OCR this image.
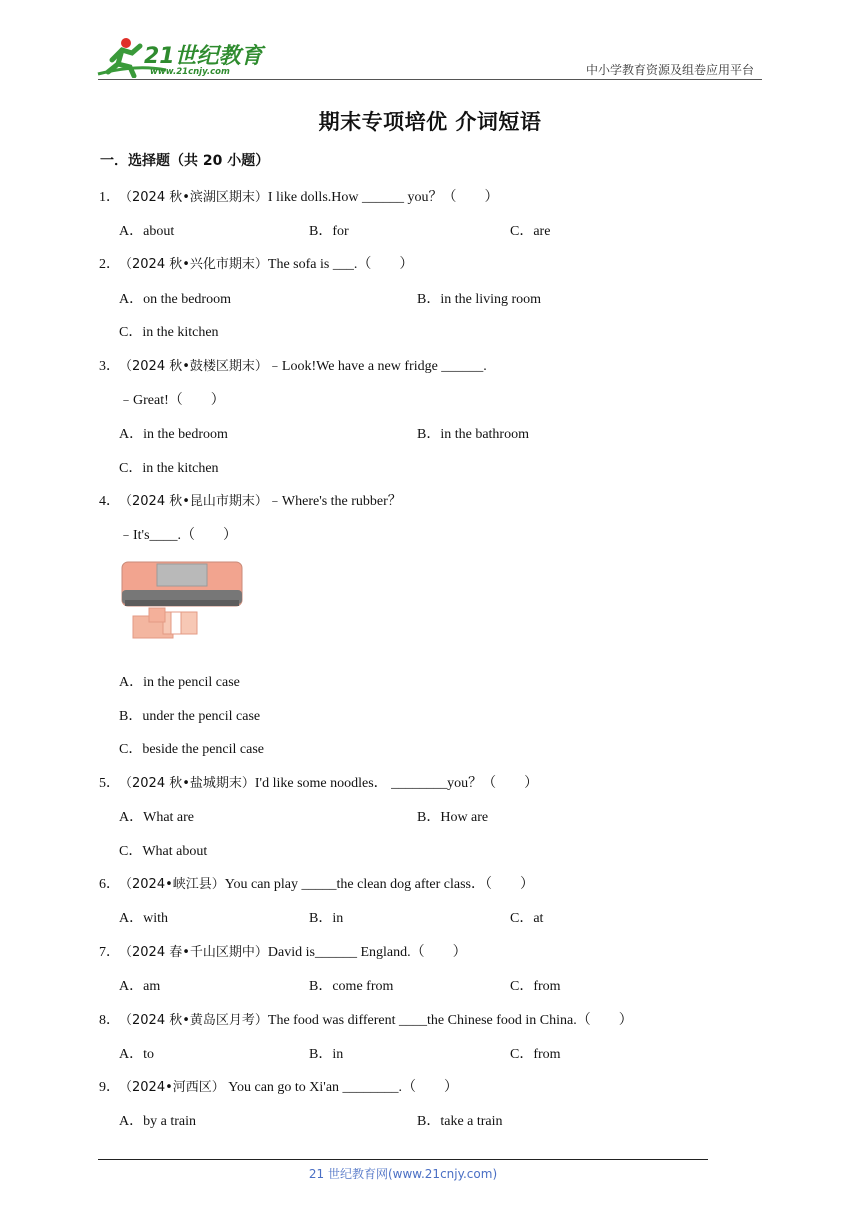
21世纪教育
www.21cnjy.com	中小学教育资源及组卷应用平台
期末专项培优 介词短语
一．选择题（共 20 小题）
1．（2024 秋•滨湖区期末）I like dolls.How ______ you？（　　）
A．about	B．for	C．are
2．（2024 秋•兴化市期末）The sofa is ___.（　　）
A．on the bedroom	B．in the living room
C．in the kitchen
3．（2024 秋•鼓楼区期末）﹣Look!We have a new fridge ______.
﹣Great!（　　）
A．in the bedroom	B．in the bathroom
C．in the kitchen
4．（2024 秋•昆山市期末）﹣Where's the rubber？
﹣It's____.（　　）
A．in the pencil case
B．under the pencil case
C．beside the pencil case
5．（2024 秋•盐城期末）I'd like some noodles． ________you？（　　）
A．What are	B．How are
C．What about
6．（2024•峡江县）You can play _____the clean dog after class．（　　）
A．with	B．in	C．at
7．（2024 春•千山区期中）David is______ England.（　　）
A．am	B．come from	C．from
8．（2024 秋•黄岛区月考）The food was different ____the Chinese food in China.（　　）
A．to	B．in	C．from
9．（2024•河西区） You can go to Xi'an ________.（　　）
A．by a train	B．take a train
21 世纪教育网(www.21cnjy.com)
